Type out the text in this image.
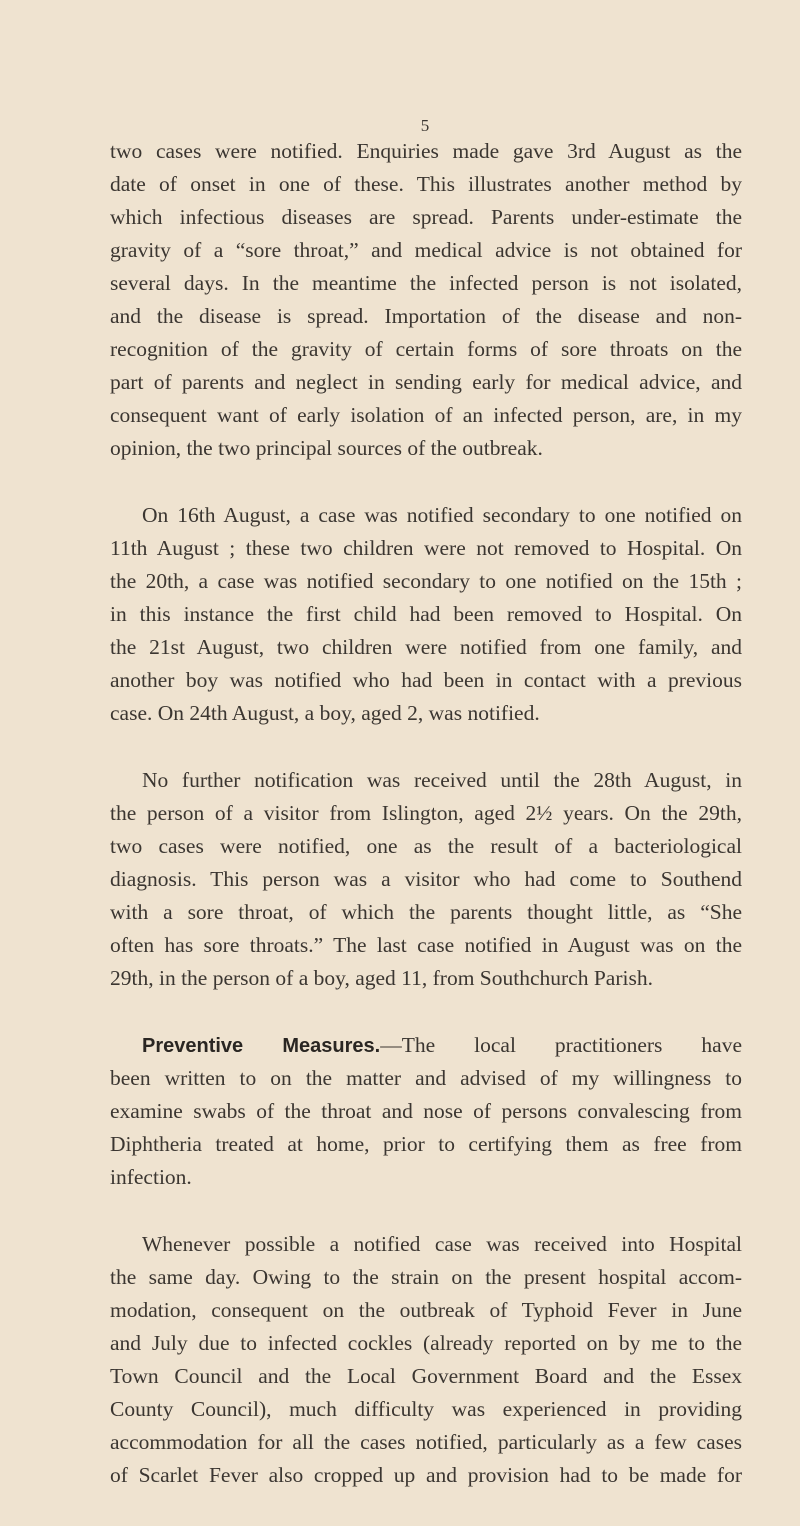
5
two cases were notified. Enquiries made gave 3rd August as the
date of onset in one of these. This illustrates another method by
which infectious diseases are spread. Parents under-estimate the
gravity of a “sore throat,” and medical advice is not obtained for
several days. In the meantime the infected person is not isolated,
and the disease is spread. Importation of the disease and non-
recognition of the gravity of certain forms of sore throats on the
part of parents and neglect in sending early for medical advice, and
consequent want of early isolation of an infected person, are, in my
opinion, the two principal sources of the outbreak.
On 16th August, a case was notified secondary to one notified on
11th August ; these two children were not removed to Hospital. On
the 20th, a case was notified secondary to one notified on the 15th ;
in this instance the first child had been removed to Hospital. On
the 21st August, two children were notified from one family, and
another boy was notified who had been in contact with a previous
case. On 24th August, a boy, aged 2, was notified.
No further notification was received until the 28th August, in
the person of a visitor from Islington, aged 2½ years. On the 29th,
two cases were notified, one as the result of a bacteriological
diagnosis. This person was a visitor who had come to Southend
with a sore throat, of which the parents thought little, as “She
often has sore throats.” The last case notified in August was on the
29th, in the person of a boy, aged 11, from Southchurch Parish.
Preventive Measures.—The local practitioners have
been written to on the matter and advised of my willingness to
examine swabs of the throat and nose of persons convalescing from
Diphtheria treated at home, prior to certifying them as free from
infection.
Whenever possible a notified case was received into Hospital
the same day. Owing to the strain on the present hospital accom-
modation, consequent on the outbreak of Typhoid Fever in June
and July due to infected cockles (already reported on by me to the
Town Council and the Local Government Board and the Essex
County Council), much difficulty was experienced in providing
accommodation for all the cases notified, particularly as a few cases
of Scarlet Fever also cropped up and provision had to be made for
